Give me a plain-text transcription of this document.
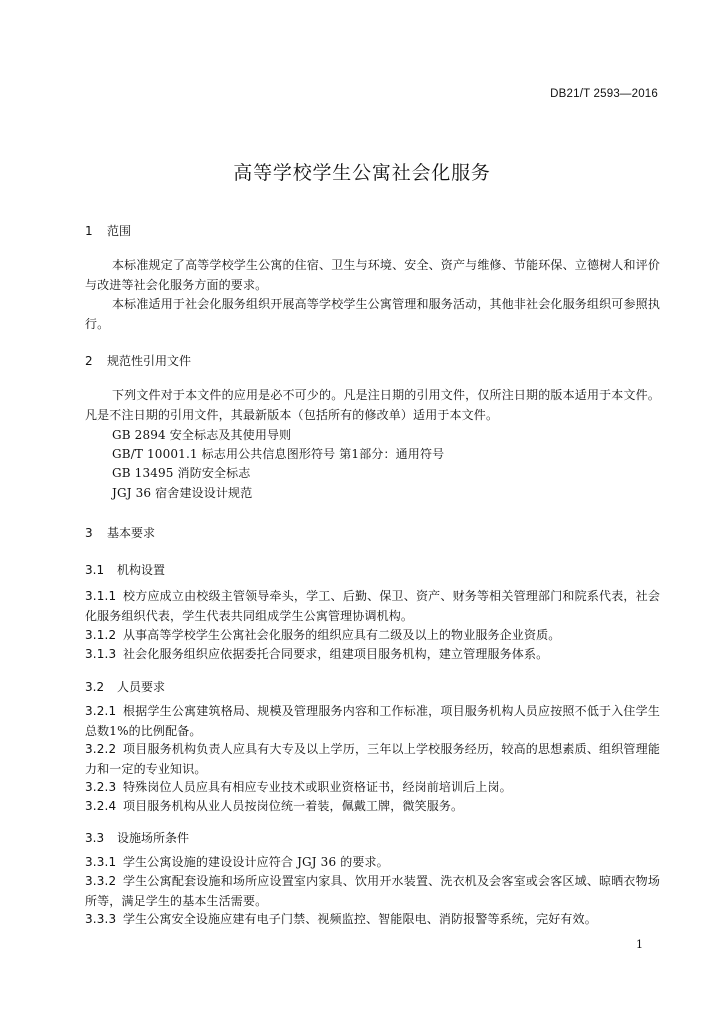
DB21/T 2593—2016
高等学校学生公寓社会化服务
1 范围
本标准规定了高等学校学生公寓的住宿、卫生与环境、安全、资产与维修、节能环保、立德树人和评价与改进等社会化服务方面的要求。
本标准适用于社会化服务组织开展高等学校学生公寓管理和服务活动，其他非社会化服务组织可参照执行。
2 规范性引用文件
下列文件对于本文件的应用是必不可少的。凡是注日期的引用文件，仅所注日期的版本适用于本文件。凡是不注日期的引用文件，其最新版本（包括所有的修改单）适用于本文件。
GB 2894 安全标志及其使用导则
GB/T 10001.1 标志用公共信息图形符号 第1部分：通用符号
GB 13495 消防安全标志
JGJ 36 宿舍建设设计规范
3 基本要求
3.1 机构设置
3.1.1 校方应成立由校级主管领导牵头，学工、后勤、保卫、资产、财务等相关管理部门和院系代表，社会化服务组织代表，学生代表共同组成学生公寓管理协调机构。
3.1.2 从事高等学校学生公寓社会化服务的组织应具有二级及以上的物业服务企业资质。
3.1.3 社会化服务组织应依据委托合同要求，组建项目服务机构，建立管理服务体系。
3.2 人员要求
3.2.1 根据学生公寓建筑格局、规模及管理服务内容和工作标准，项目服务机构人员应按照不低于入住学生总数1%的比例配备。
3.2.2 项目服务机构负责人应具有大专及以上学历，三年以上学校服务经历，较高的思想素质、组织管理能力和一定的专业知识。
3.2.3 特殊岗位人员应具有相应专业技术或职业资格证书，经岗前培训后上岗。
3.2.4 项目服务机构从业人员按岗位统一着装，佩戴工牌，微笑服务。
3.3 设施场所条件
3.3.1 学生公寓设施的建设设计应符合 JGJ 36 的要求。
3.3.2 学生公寓配套设施和场所应设置室内家具、饮用开水装置、洗衣机及会客室或会客区域、晾晒衣物场所等，满足学生的基本生活需要。
3.3.3 学生公寓安全设施应建有电子门禁、视频监控、智能限电、消防报警等系统，完好有效。
1
